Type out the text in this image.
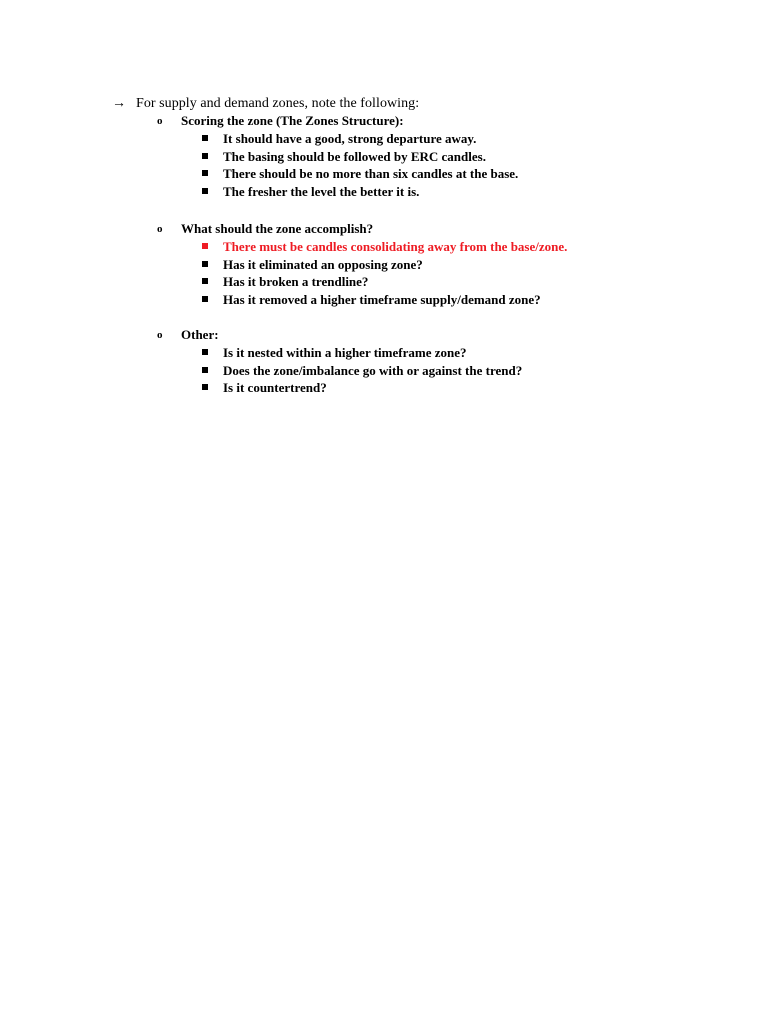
→ For supply and demand zones, note the following:
o Scoring the zone (The Zones Structure):
It should have a good, strong departure away.
The basing should be followed by ERC candles.
There should be no more than six candles at the base.
The fresher the level the better it is.
o What should the zone accomplish?
There must be candles consolidating away from the base/zone.
Has it eliminated an opposing zone?
Has it broken a trendline?
Has it removed a higher timeframe supply/demand zone?
o Other:
Is it nested within a higher timeframe zone?
Does the zone/imbalance go with or against the trend?
Is it countertrend?
